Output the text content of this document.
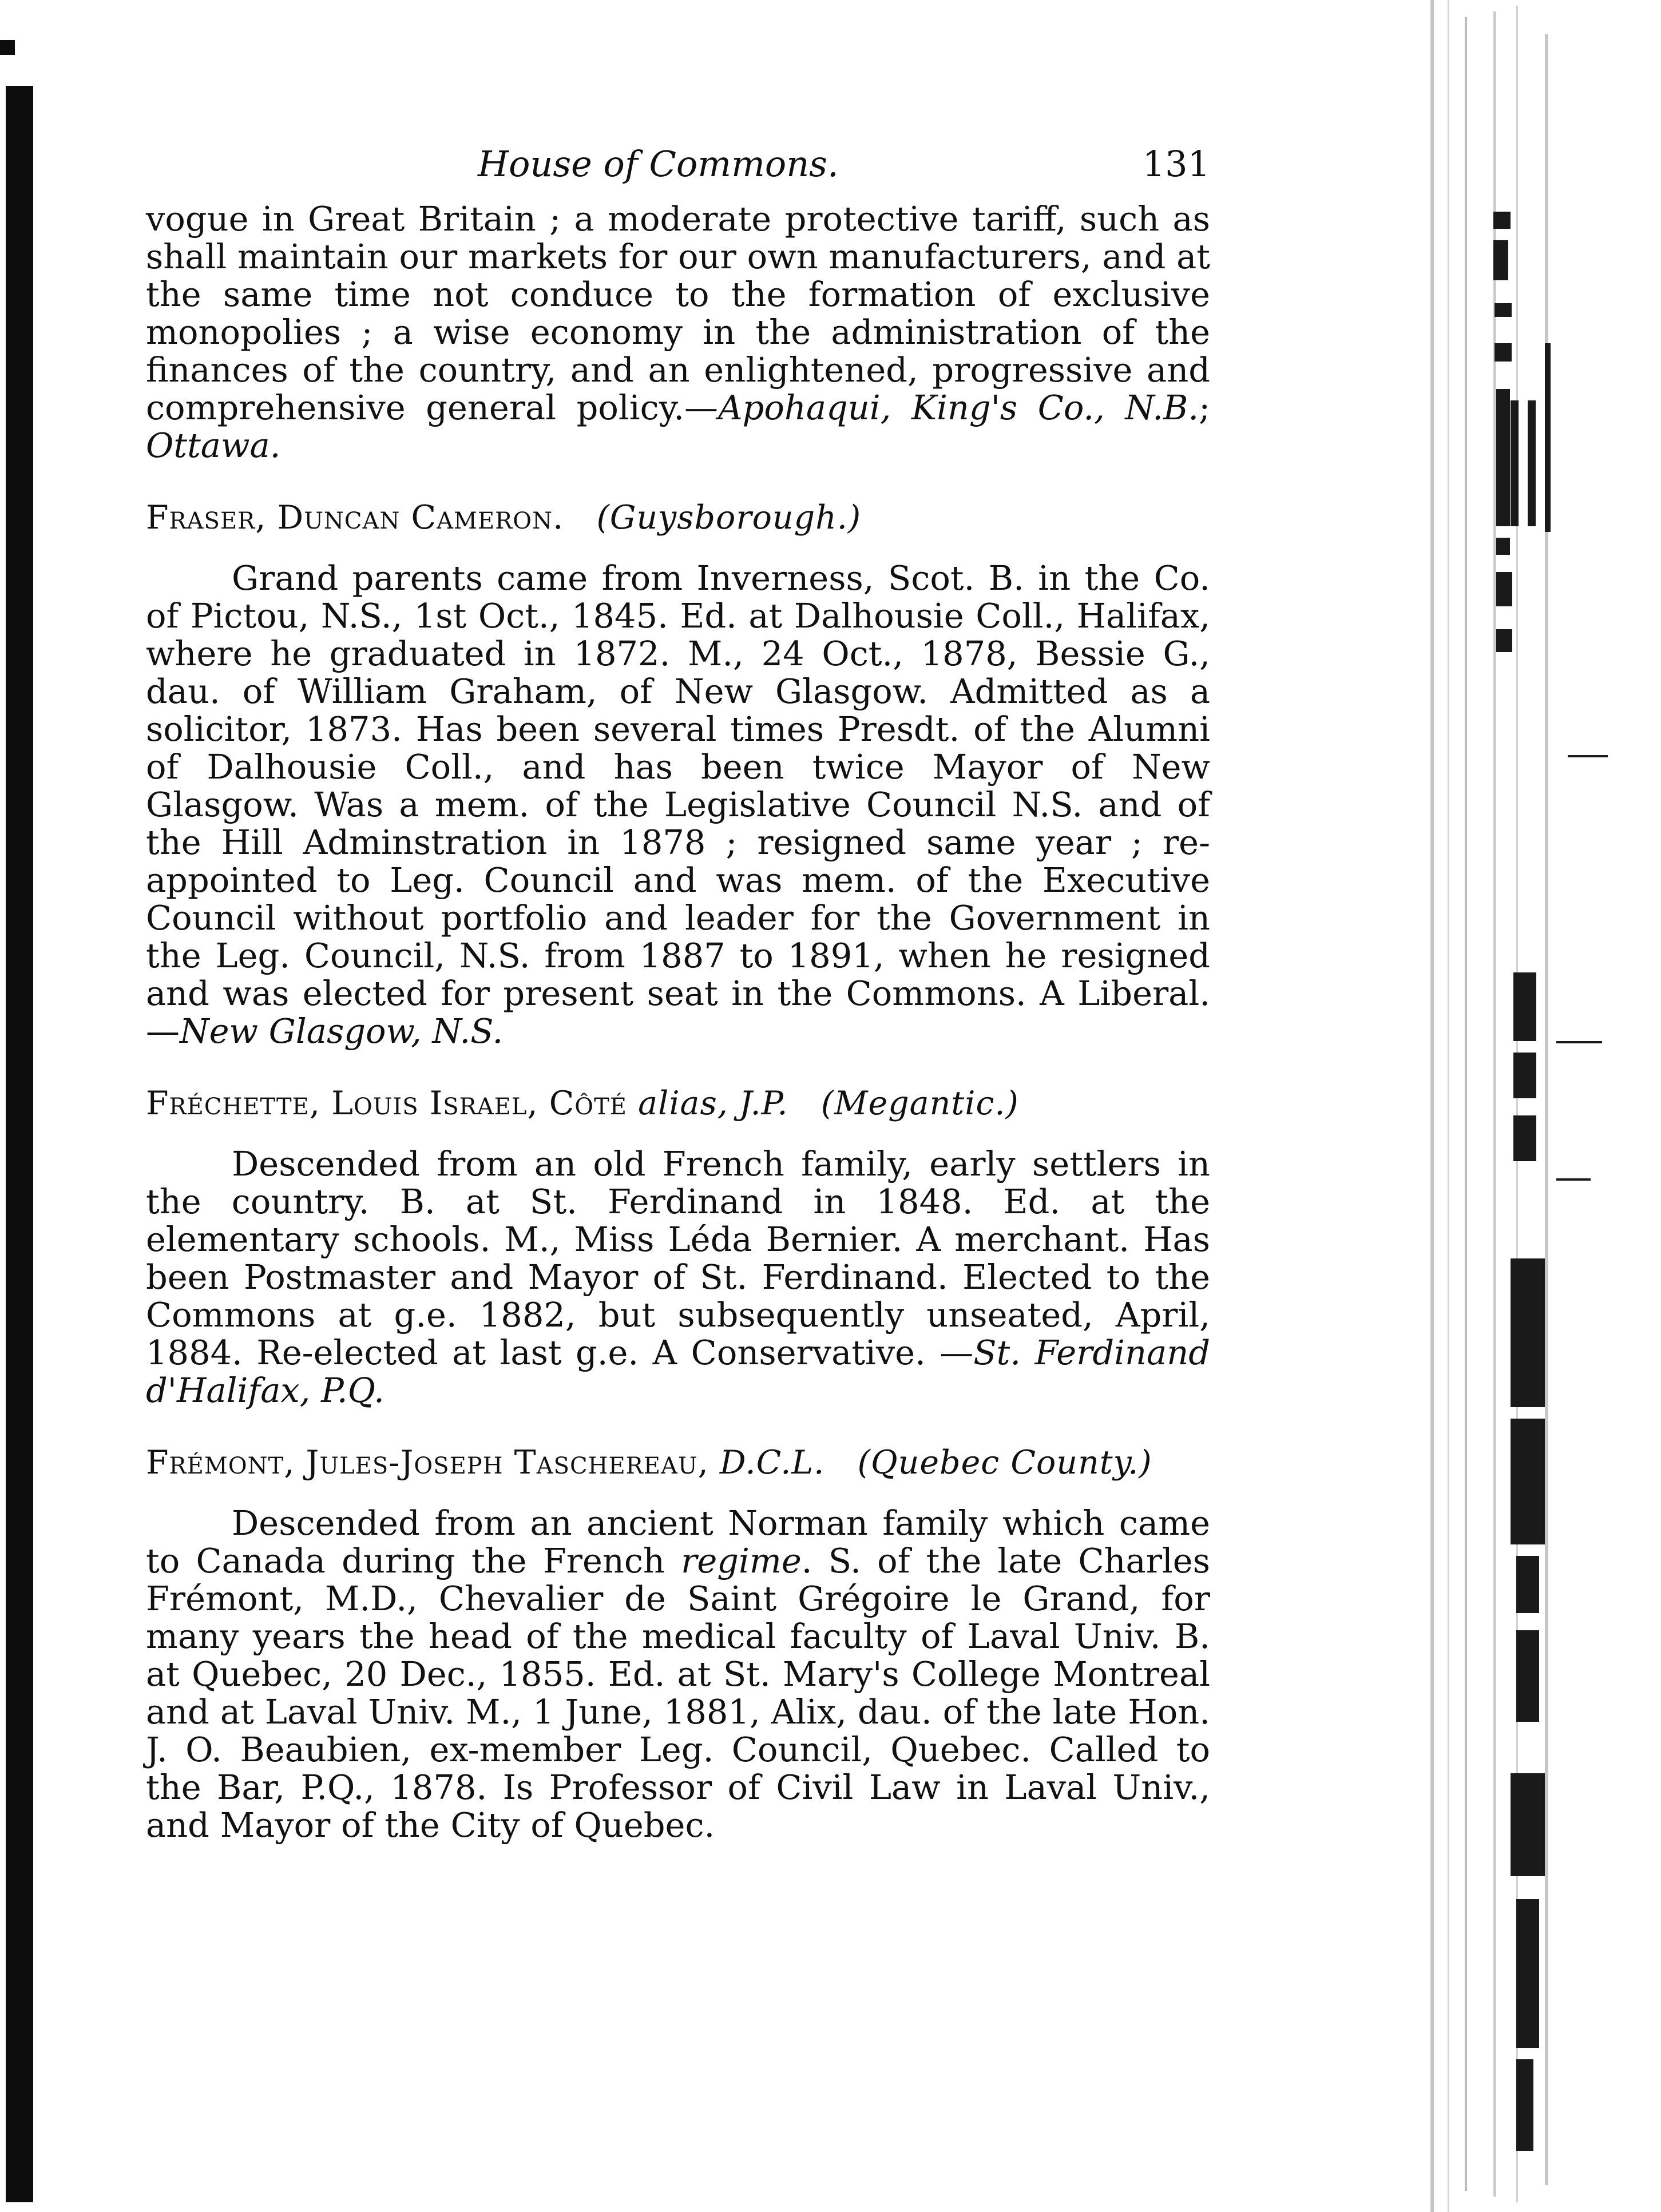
House of Commons.	131

vogue in Great Britain ; a moderate protective tariff, such as shall maintain our markets for our own manufacturers, and at the same time not conduce to the formation of exclusive monopolies ; a wise economy in the administration of the finances of the country, and an enlightened, progressive and comprehensive general policy.—Apohaqui, King's Co., N.B.; Ottawa.

Fraser, Duncan Cameron. (Guysborough.)

Grand parents came from Inverness, Scot. B. in the Co. of Pictou, N.S., 1st Oct., 1845. Ed. at Dalhousie Coll., Halifax, where he graduated in 1872. M., 24 Oct., 1878, Bessie G., dau. of William Graham, of New Glasgow. Admitted as a solicitor, 1873. Has been several times Presdt. of the Alumni of Dalhousie Coll., and has been twice Mayor of New Glasgow. Was a mem. of the Legislative Council N.S. and of the Hill Adminstration in 1878 ; resigned same year ; re-appointed to Leg. Council and was mem. of the Executive Council without portfolio and leader for the Government in the Leg. Council, N.S. from 1887 to 1891, when he resigned and was elected for present seat in the Commons. A Liberal.—New Glasgow, N.S.

Fréchette, Louis Israel, Côté alias, J.P. (Megantic.)

Descended from an old French family, early settlers in the country. B. at St. Ferdinand in 1848. Ed. at the elementary schools. M., Miss Léda Bernier. A merchant. Has been Postmaster and Mayor of St. Ferdinand. Elected to the Commons at g.e. 1882, but subsequently unseated, April, 1884. Re-elected at last g.e. A Conservative. —St. Ferdinand d'Halifax, P.Q.

Frémont, Jules-Joseph Taschereau, D.C.L. (Quebec County.)

Descended from an ancient Norman family which came to Canada during the French regime. S. of the late Charles Frémont, M.D., Chevalier de Saint Grégoire le Grand, for many years the head of the medical faculty of Laval Univ. B. at Quebec, 20 Dec., 1855. Ed. at St. Mary's College Montreal and at Laval Univ. M., 1 June, 1881, Alix, dau. of the late Hon. J. O. Beaubien, ex-member Leg. Council, Quebec. Called to the Bar, P.Q., 1878. Is Professor of Civil Law in Laval Univ., and Mayor of the City of Quebec.
